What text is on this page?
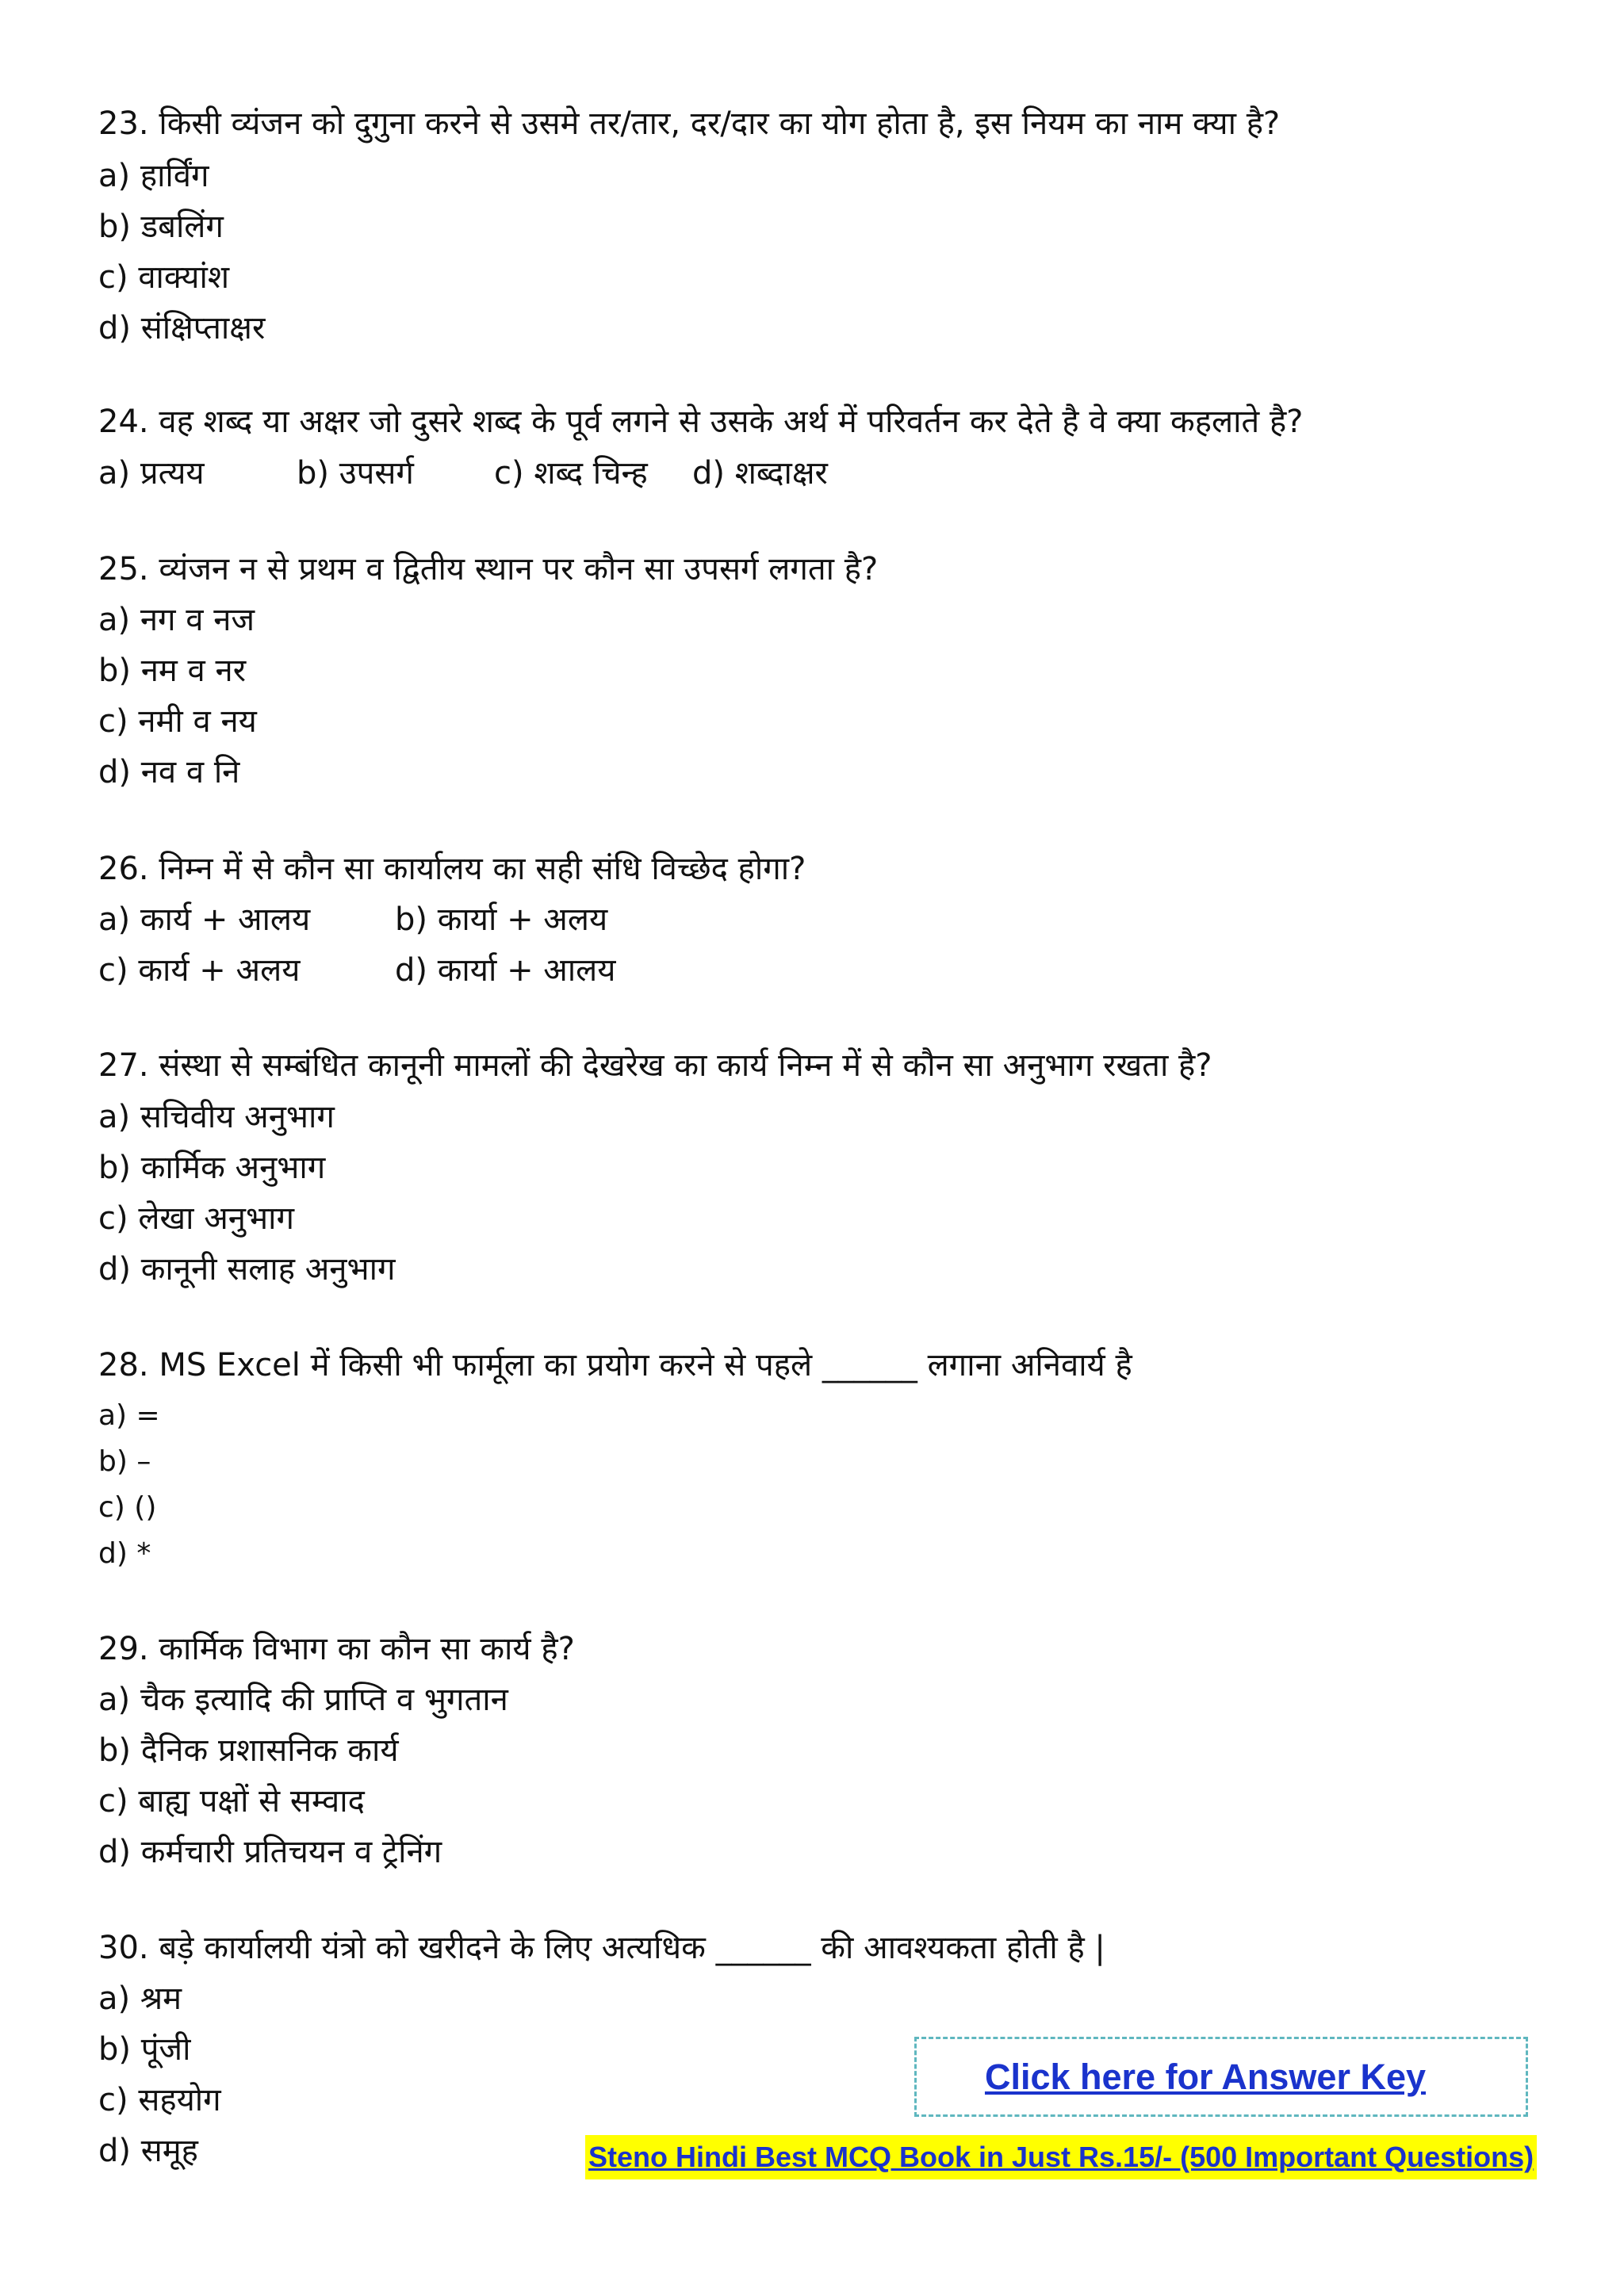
23. किसी व्यंजन को दुगुना करने से उसमे तर/तार, दर/दार का योग होता है, इस नियम का नाम क्या है?

a) हार्विंग
b) डबलिंग
c) वाक्यांश
d) संक्षिप्ताक्षर

24. वह शब्द या अक्षर जो दुसरे शब्द के पूर्व लगने से उसके अर्थ में परिवर्तन कर देते है वे क्या कहलाते है?

a) प्रत्यय	b) उपसर्ग	c) शब्द चिन्ह d) शब्दाक्षर

25. व्यंजन न से प्रथम व द्वितीय स्थान पर कौन सा उपसर्ग लगता है?

a) नग व नज
b) नम व नर
c) नमी व नय
d) नव व नि

26. निम्न में से कौन सा कार्यालय का सही संधि विच्छेद होगा?

a) कार्य + आलय	b) कार्या + अलय
c) कार्य + अलय	d) कार्या + आलय

27. संस्था से सम्बंधित कानूनी मामलों की देखरेख का कार्य निम्न में से कौन सा अनुभाग रखता है?

a) सचिवीय अनुभाग
b) कार्मिक अनुभाग
c) लेखा अनुभाग
d) कानूनी सलाह अनुभाग

28. MS Excel में किसी भी फार्मूला का प्रयोग करने से पहले ______ लगाना अनिवार्य है

a) =
b) –
c) ()
d) *

29. कार्मिक विभाग का कौन सा कार्य है?

a) चैक इत्यादि की प्राप्ति व भुगतान
b) दैनिक प्रशासनिक कार्य
c) बाह्य पक्षों से सम्वाद
d) कर्मचारी प्रतिचयन व ट्रेनिंग

30. बड़े कार्यालयी यंत्रो को खरीदने के लिए अत्यधिक ______ की आवश्यकता होती है |

a) श्रम
b) पूंजी
c) सहयोग
d) समूह
Click here for Answer Key
Steno Hindi Best MCQ Book in Just Rs.15/- (500 Important Questions)
